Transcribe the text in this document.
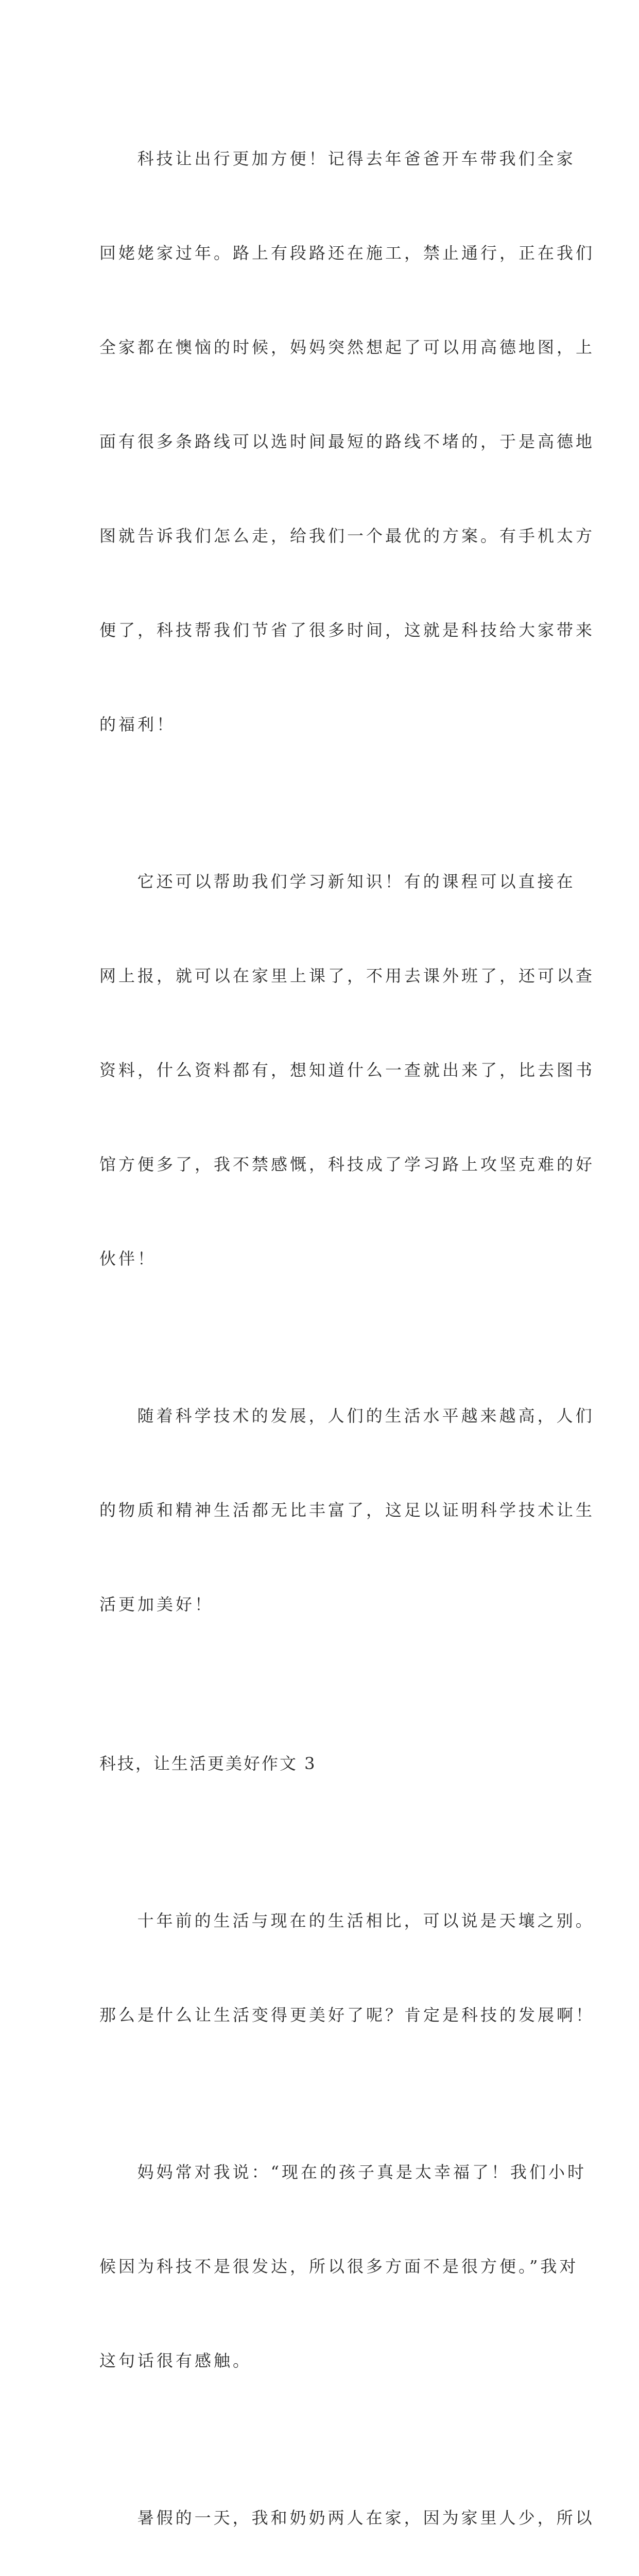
科技让出行更加方便！记得去年爸爸开车带我们全家

回姥姥家过年。路上有段路还在施工，禁止通行，正在我们

全家都在懊恼的时候，妈妈突然想起了可以用高德地图，上

面有很多条路线可以选时间最短的路线不堵的，于是高德地

图就告诉我们怎么走，给我们一个最优的方案。有手机太方

便了，科技帮我们节省了很多时间，这就是科技给大家带来

的福利！

它还可以帮助我们学习新知识！有的课程可以直接在

网上报，就可以在家里上课了，不用去课外班了，还可以查

资料，什么资料都有，想知道什么一查就出来了，比去图书

馆方便多了，我不禁感慨，科技成了学习路上攻坚克难的好

伙伴！

随着科学技术的发展，人们的生活水平越来越高，人们

的物质和精神生活都无比丰富了，这足以证明科学技术让生

活更加美好！

科技，让生活更美好作文 3

十年前的生活与现在的生活相比，可以说是天壤之别。

那么是什么让生活变得更美好了呢？肯定是科技的发展啊！

妈妈常对我说：“现在的孩子真是太幸福了！我们小时

候因为科技不是很发达，所以很多方面不是很方便。”我对

这句话很有感触。

暑假的一天，我和奶奶两人在家，因为家里人少，所以
